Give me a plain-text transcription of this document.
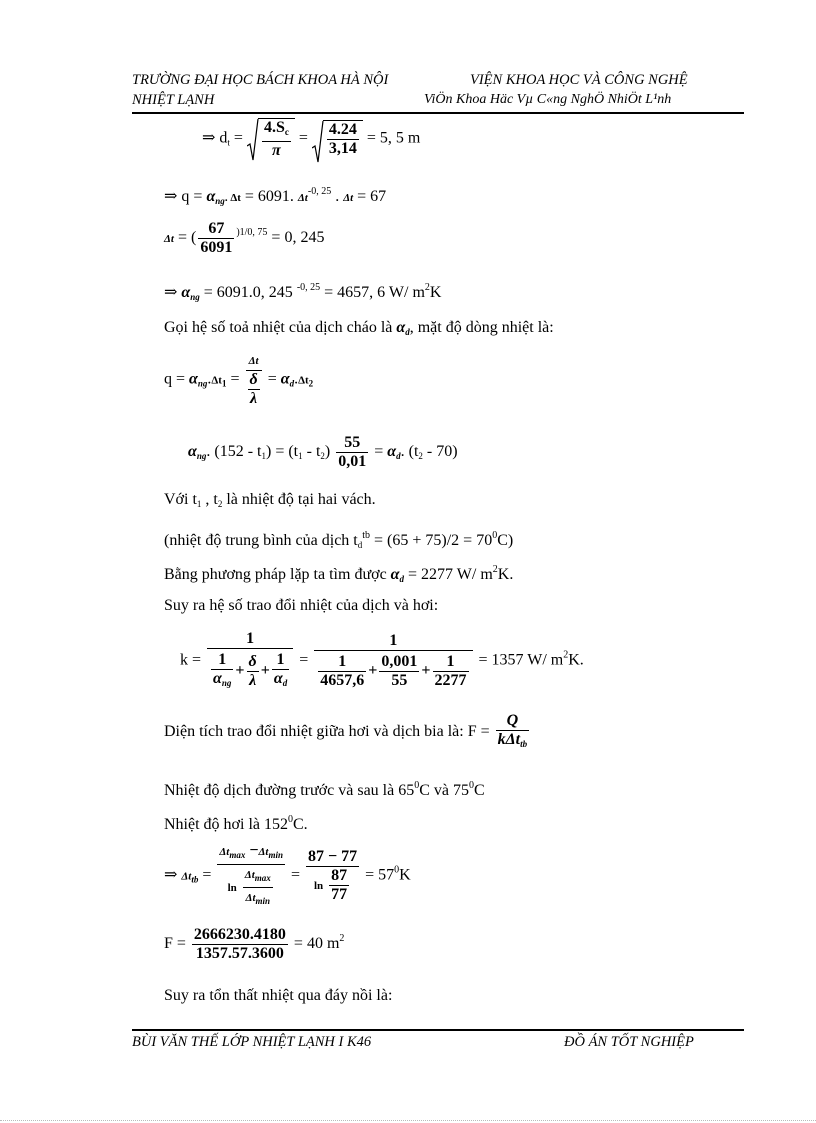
TRƯỜNG ĐẠI HỌC BÁCH KHOA HÀ NỘI
NHIỆT LẠNH
VIỆN KHOA HỌC VÀ CÔNG NGHỆ
ViÖn Khoa Häc Vµ C«ng NghÖ NhiÖt L¹nh
⇒ $d_t = \frac{4.S_c}{\pi} = \frac{4.24}{3,14} = 5$, 5 m
⇒ $q = \alpha_{ng}$. Δt = 6091. $\Delta t^{-0, 25}$ . Δt = 67
Δt = ( $\frac{67}{6091} ^{)1/0, 75} = 0$, 245
⇒ $\alpha_{ng} = 6091.0$, 245 $^{-0, 25}$ = 4657, 6 W/ $m^2K$
Gọi hệ số toả nhiệt của dịch cháo là $\alpha_d$, mặt độ dòng nhiệt là:
$q = \alpha_{ng}.\Delta t_1 = \frac{\Delta t}{\frac{\delta}{\lambda}} = \alpha_d.\Delta t_2$
$\alpha_{ng}$. $(152 - t_1) = (t_1 - t_2) \frac{55}{0,01} = \alpha_d$. $(t_2 - 70)$
Với $t_1$ , $t_2$ là nhiệt độ tại hai vách.
(nhiệt độ trung bình của dịch $t_d^{tb} = (65 + 75)/2 = 70^0C$)
Bằng phương pháp lặp ta tìm được $\alpha_d = 2277$ W/ $m^2K$.
Suy ra hệ số trao đổi nhiệt của dịch và hơi:
$k = \frac{1}{\frac{1}{\alpha_{ng}} + \frac{\delta}{\lambda} + \frac{1}{\alpha_d}} = \frac{1}{\frac{1}{4657,6} + \frac{0,001}{55} + \frac{1}{2277}} = 1357$ W/ $m^2K$.
Diện tích trao đổi nhiệt giữa hơi và dịch bia là: $F = \frac{Q}{k\Delta t_{tb}}$
Nhiệt độ dịch đường trước và sau là $65^0C$ và $75^0C$
Nhiệt độ hơi là $152^0C$.
⇒ $\Delta t_{tb} = \frac{\Delta t_{max} -\Delta t_{min}}{\ln \frac{\Delta t_{max}}{\Delta t_{min}}} = \frac{87 - 77}{\ln \frac{87}{77}} = 57^0K$
$F = \frac{2666230.4180}{1357.57.3600} = 40$ $m^2$
Suy ra tổn thất nhiệt qua đáy nồi là:
BÙI VĂN THẾ LỚP NHIỆT LẠNH I K46	ĐỒ ÁN TỐT NGHIỆP
